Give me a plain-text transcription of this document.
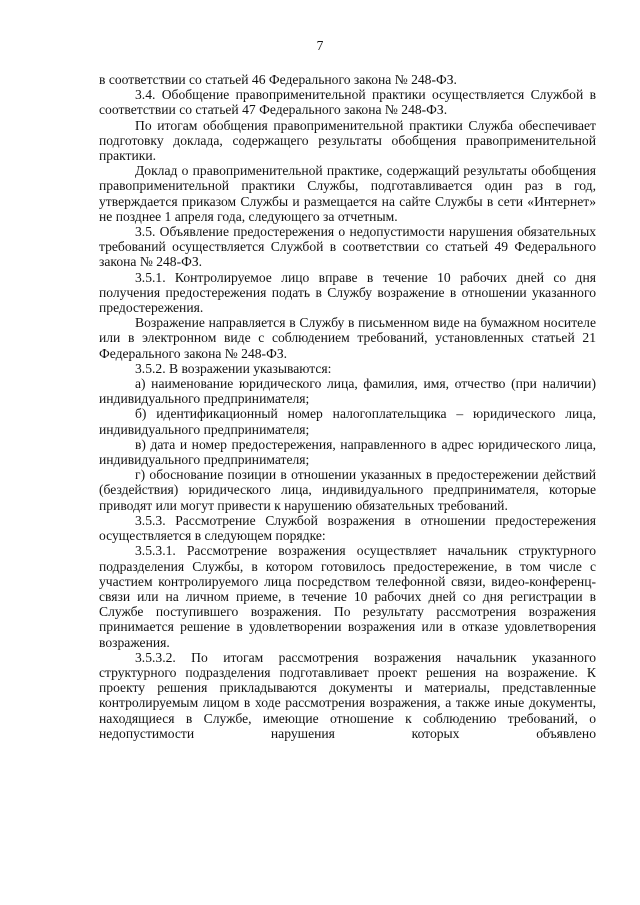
7

в соответствии со статьей 46 Федерального закона № 248-ФЗ.

3.4. Обобщение правоприменительной практики осуществляется Службой в соответствии со статьей 47 Федерального закона № 248-ФЗ.

По итогам обобщения правоприменительной практики Служба обеспечивает подготовку доклада, содержащего результаты обобщения правоприменительной практики.

Доклад о правоприменительной практике, содержащий результаты обобщения правоприменительной практики Службы, подготавливается один раз в год, утверждается приказом Службы и размещается на сайте Службы в сети «Интернет» не позднее 1 апреля года, следующего за отчетным.

3.5. Объявление предостережения о недопустимости нарушения обязательных требований осуществляется Службой в соответствии со статьей 49 Федерального закона № 248-ФЗ.

3.5.1. Контролируемое лицо вправе в течение 10 рабочих дней со дня получения предостережения подать в Службу возражение в отношении указанного предостережения.

Возражение направляется в Службу в письменном виде на бумажном носителе или в электронном виде с соблюдением требований, установленных статьей 21 Федерального закона № 248-ФЗ.

3.5.2. В возражении указываются:

а) наименование юридического лица, фамилия, имя, отчество (при наличии) индивидуального предпринимателя;

б) идентификационный номер налогоплательщика – юридического лица, индивидуального предпринимателя;

в) дата и номер предостережения, направленного в адрес юридического лица, индивидуального предпринимателя;

г) обоснование позиции в отношении указанных в предостережении действий (бездействия) юридического лица, индивидуального предпринимателя, которые приводят или могут привести к нарушению обязательных требований.

3.5.3. Рассмотрение Службой возражения в отношении предостережения осуществляется в следующем порядке:

3.5.3.1. Рассмотрение возражения осуществляет начальник структурного подразделения Службы, в котором готовилось предостережение, в том числе с участием контролируемого лица посредством телефонной связи, видео-конференц-связи или на личном приеме, в течение 10 рабочих дней со дня регистрации в Службе поступившего возражения. По результату рассмотрения возражения принимается решение в удовлетворении возражения или в отказе удовлетворения возражения.

3.5.3.2. По итогам рассмотрения возражения начальник указанного структурного подразделения подготавливает проект решения на возражение. К проекту решения прикладываются документы и материалы, представленные контролируемым лицом в ходе рассмотрения возражения, а также иные документы, находящиеся в Службе, имеющие отношение к соблюдению требований, о недопустимости нарушения которых объявлено
